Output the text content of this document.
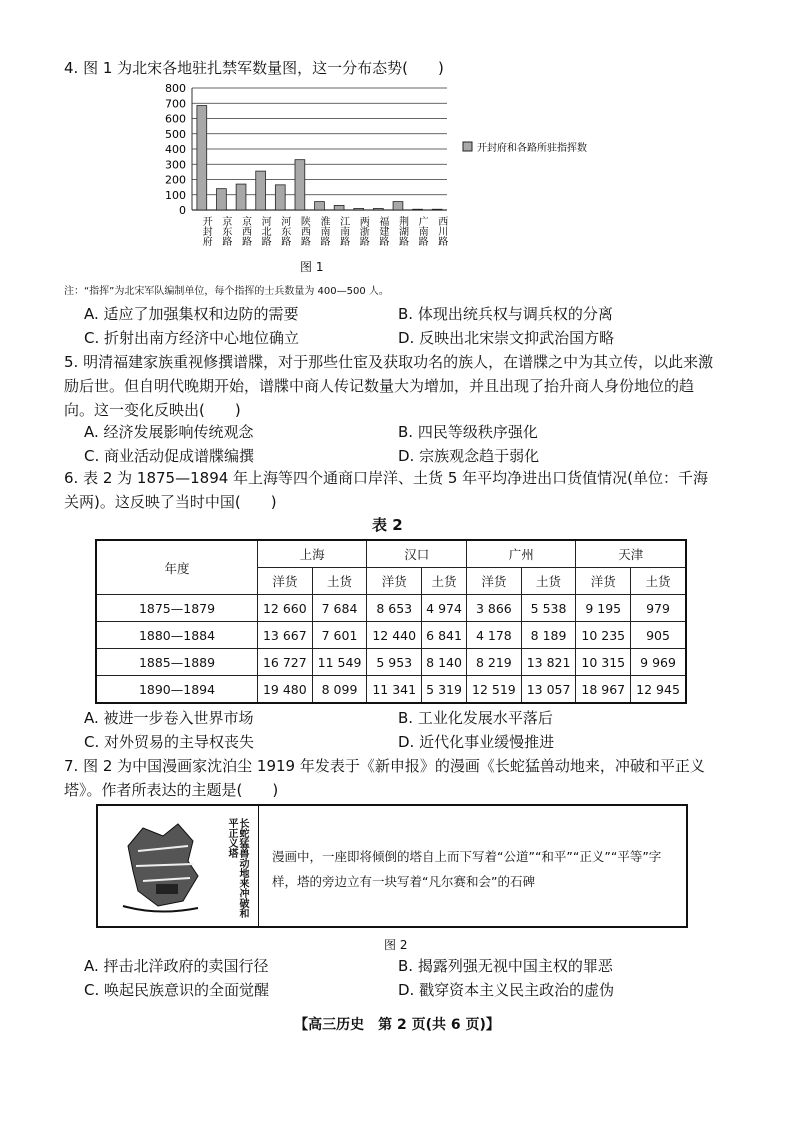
4. 图 1 为北宋各地驻扎禁军数量图，这一分布态势(　　)
800
700
600
500
400
300
200
100
0
开封府 京东路 京西路 河北路 河东路 陕西路 淮南路 江南路 两浙路 福建路 荆湖路 广南路 西川路
开封府和各路所驻指挥数
图 1
注：“指挥”为北宋军队编制单位，每个指挥的士兵数量为 400—500 人。
A. 适应了加强集权和边防的需要	B. 体现出统兵权与调兵权的分离
C. 折射出南方经济中心地位确立	D. 反映出北宋崇文抑武治国方略
5. 明清福建家族重视修撰谱牒，对于那些仕宦及获取功名的族人，在谱牒之中为其立传，以此来激励后世。但自明代晚期开始，谱牒中商人传记数量大为增加，并且出现了抬升商人身份地位的趋向。这一变化反映出(　　)
A. 经济发展影响传统观念	B. 四民等级秩序强化
C. 商业活动促成谱牒编撰	D. 宗族观念趋于弱化
6. 表 2 为 1875—1894 年上海等四个通商口岸洋、土货 5 年平均净进出口货值情况(单位：千海关两)。这反映了当时中国(　　)
表 2
年度	上海		汉口		广州		天津	
	洋货	土货	洋货	土货	洋货	土货	洋货	土货
1875—1879	12 660	7 684	8 653	4 974	3 866	5 538	9 195	979
1880—1884	13 667	7 601	12 440	6 841	4 178	8 189	10 235	905
1885—1889	16 727	11 549	5 953	8 140	8 219	13 821	10 315	9 969
1890—1894	19 480	8 099	11 341	5 319	12 519	13 057	18 967	12 945
A. 被进一步卷入世界市场	B. 工业化发展水平落后
C. 对外贸易的主导权丧失	D. 近代化事业缓慢推进
7. 图 2 为中国漫画家沈泊尘 1919 年发表于《新申报》的漫画《长蛇猛兽动地来，冲破和平正义塔》。作者所表达的主题是(　　)
长蛇猛兽动地来冲破和平正义塔	漫画中，一座即将倾倒的塔自上而下写着“公道”“和平”“正义”“平等”字样，塔的旁边立有一块写着“凡尔赛和会”的石碑
图 2
A. 抨击北洋政府的卖国行径	B. 揭露列强无视中国主权的罪恶
C. 唤起民族意识的全面觉醒	D. 戳穿资本主义民主政治的虚伪
【高三历史　第 2 页(共 6 页)】
